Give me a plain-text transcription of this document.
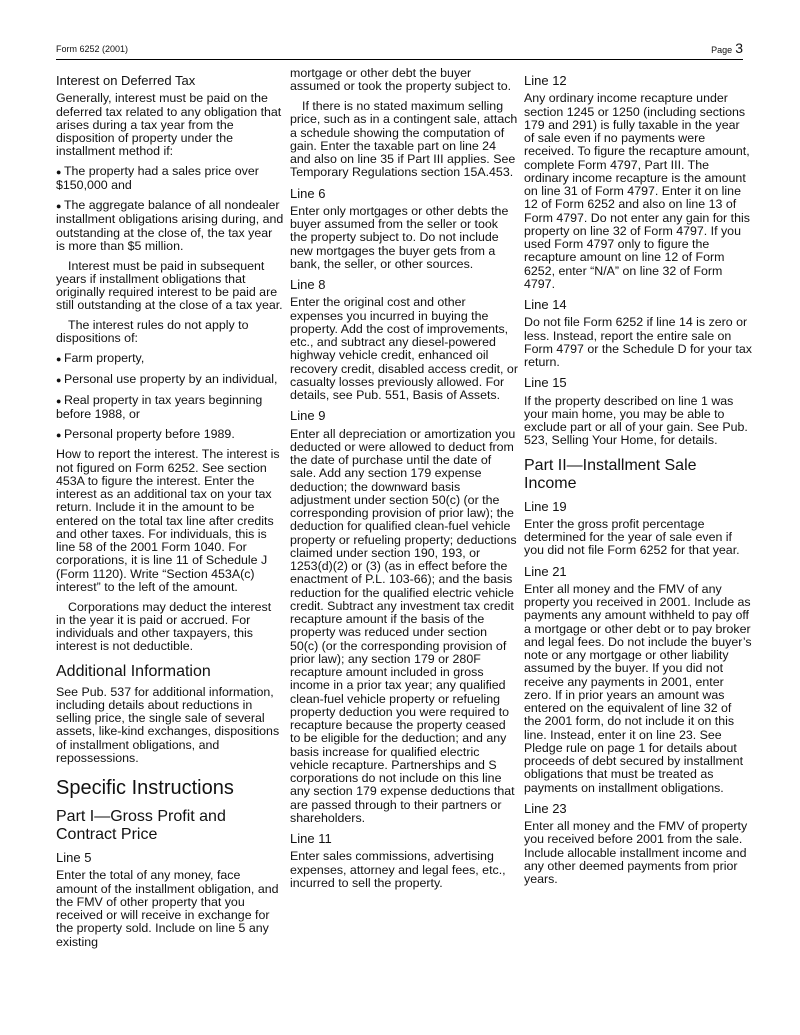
Form 6252 (2001)	Page 3
Interest on Deferred Tax

Generally, interest must be paid on the deferred tax related to any obligation that arises during a tax year from the disposition of property under the installment method if:

● The property had a sales price over $150,000 and

● The aggregate balance of all nondealer installment obligations arising during, and outstanding at the close of, the tax year is more than $5 million.

Interest must be paid in subsequent years if installment obligations that originally required interest to be paid are still outstanding at the close of a tax year.

The interest rules do not apply to dispositions of:

● Farm property,

● Personal use property by an individual,

● Real property in tax years beginning before 1988, or

● Personal property before 1989.

How to report the interest. The interest is not figured on Form 6252. See section 453A to figure the interest. Enter the interest as an additional tax on your tax return. Include it in the amount to be entered on the total tax line after credits and other taxes. For individuals, this is line 58 of the 2001 Form 1040. For corporations, it is line 11 of Schedule J (Form 1120). Write “Section 453A(c) interest” to the left of the amount.

Corporations may deduct the interest in the year it is paid or accrued. For individuals and other taxpayers, this interest is not deductible.

Additional Information

See Pub. 537 for additional information, including details about reductions in selling price, the single sale of several assets, like-kind exchanges, dispositions of installment obligations, and repossessions.

Specific Instructions
Part I—Gross Profit and Contract Price
Line 5

Enter the total of any money, face amount of the installment obligation, and the FMV of other property that you received or will receive in exchange for the property sold. Include on line 5 any existing

mortgage or other debt the buyer assumed or took the property subject to.

If there is no stated maximum selling price, such as in a contingent sale, attach a schedule showing the computation of gain. Enter the taxable part on line 24 and also on line 35 if Part III applies. See Temporary Regulations section 15A.453.

Line 6

Enter only mortgages or other debts the buyer assumed from the seller or took the property subject to. Do not include new mortgages the buyer gets from a bank, the seller, or other sources.

Line 8

Enter the original cost and other expenses you incurred in buying the property. Add the cost of improvements, etc., and subtract any diesel-powered highway vehicle credit, enhanced oil recovery credit, disabled access credit, or casualty losses previously allowed. For details, see Pub. 551, Basis of Assets.

Line 9

Enter all depreciation or amortization you deducted or were allowed to deduct from the date of purchase until the date of sale. Add any section 179 expense deduction; the downward basis adjustment under section 50(c) (or the corresponding provision of prior law); the deduction for qualified clean-fuel vehicle property or refueling property; deductions claimed under section 190, 193, or 1253(d)(2) or (3) (as in effect before the enactment of P.L. 103-66); and the basis reduction for the qualified electric vehicle credit. Subtract any investment tax credit recapture amount if the basis of the property was reduced under section 50(c) (or the corresponding provision of prior law); any section 179 or 280F recapture amount included in gross income in a prior tax year; any qualified clean-fuel vehicle property or refueling property deduction you were required to recapture because the property ceased to be eligible for the deduction; and any basis increase for qualified electric vehicle recapture. Partnerships and S corporations do not include on this line any section 179 expense deductions that are passed through to their partners or shareholders.

Line 11

Enter sales commissions, advertising expenses, attorney and legal fees, etc., incurred to sell the property.

Line 12

Any ordinary income recapture under section 1245 or 1250 (including sections 179 and 291) is fully taxable in the year of sale even if no payments were received. To figure the recapture amount, complete Form 4797, Part III. The ordinary income recapture is the amount on line 31 of Form 4797. Enter it on line 12 of Form 6252 and also on line 13 of Form 4797. Do not enter any gain for this property on line 32 of Form 4797. If you used Form 4797 only to figure the recapture amount on line 12 of Form 6252, enter “N/A” on line 32 of Form 4797.

Line 14

Do not file Form 6252 if line 14 is zero or less. Instead, report the entire sale on Form 4797 or the Schedule D for your tax return.

Line 15

If the property described on line 1 was your main home, you may be able to exclude part or all of your gain. See Pub. 523, Selling Your Home, for details.

Part II—Installment Sale Income
Line 19

Enter the gross profit percentage determined for the year of sale even if you did not file Form 6252 for that year.

Line 21

Enter all money and the FMV of any property you received in 2001. Include as payments any amount withheld to pay off a mortgage or other debt or to pay broker and legal fees. Do not include the buyer’s note or any mortgage or other liability assumed by the buyer. If you did not receive any payments in 2001, enter zero. If in prior years an amount was entered on the equivalent of line 32 of the 2001 form, do not include it on this line. Instead, enter it on line 23. See Pledge rule on page 1 for details about proceeds of debt secured by installment obligations that must be treated as payments on installment obligations.

Line 23

Enter all money and the FMV of property you received before 2001 from the sale. Include allocable installment income and any other deemed payments from prior years.
